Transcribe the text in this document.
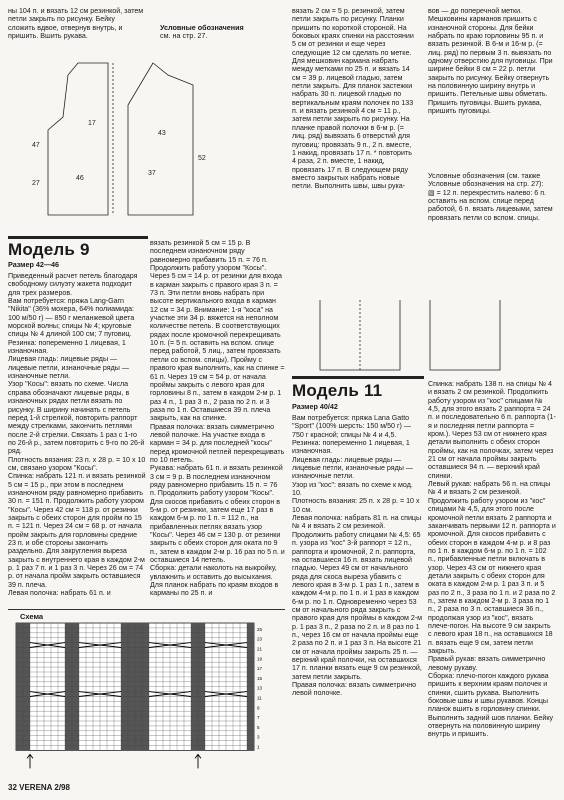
ны 104 п. и вязать 12 см резинкой, затем петли закрыть по рисунку. Бейку сложить вдвое, отвернув внутрь, и пришить. Вшить рукава.
Условные обозначения
см. на стр. 27.
47
27
52
46
37
17
43
вязать 2 см = 5 р. резинкой, затем петли закрыть по рисунку. Планки пришить по короткой стороной. На боковых краях спинки на расстоянии 5 см от резинки и еще через следующие 12 см сделать по метке. Для мешковин кармана набрать между метками по 25 п. и вязать 14 см = 39 р. лицевой гладью, затем петли закрыть. Для планок застежки набрать 30 п. лицевой гладью по вертикальным краям полочек по 133 п. и вязать резинкой 4 см = 11 р., затем петли закрыть по рисунку. На планке правой полочки в 6-м р. (= лиц. ряд) вывязать 6 отверстий для пуговиц: провязать 9 п., 2 п. вместе, 1 накид, провязать 17 п. * повторить 4 раза, 2 п. вместе, 1 накид, провязать 17 п. В следующем ряду вместо закрытых набрать новые петли. Выполнить швы, швы рука-
вов — до поперечной метки. Мешковины карманов пришить с изнаночной стороны. Для бейки набрать по краю горловины 95 п. и вязать резинкой. В 6-м и 16-м р. (= лиц. ряд) по первым 3 п. вывязать по одному отверстию для пуговицы. При ширине бейки 8 см = 22 р. петли закрыть по рисунку. Бейку отвернуть на половинную ширину внутрь и пришить. Петельные швы обметать. Пришить пуговицы. Вшить рукава, пришить пуговицы.
Условные обозначения (см. также Условные обозначения на стр. 27):
▧ = 12 п. перекрестить налево: 6 п. оставить на вспом. спице перед работой, 6 п. вязать лицевыми, затем провязать петли со вспом. спицы.
Модель 9
Размер 42—46
Приведенный расчет петель благодаря свободному силуэту жакета подходит для трех размеров.
Вам потребуется: пряжа Lang-Garn "Nikita" (36% мохера, 64% полиамида: 100 м/50 г) — 850 г меланжевой цвета морской волны; спицы № 4; круговые спицы № 4 длиной 100 см; 7 пуговиц.
Резинка: попеременно 1 лицевая, 1 изнаночная.
Лицевая гладь: лицевые ряды — лицевые петли, изнаночные ряды — изнаночные петли.
Узор "Косы": вязать по схеме. Числа справа обозначают лицевые ряды, в изнаночных рядах петли вязать по рисунку. В ширину начинать с петель перед 1-й стрелкой, повторить раппорт между стрелками, закончить петлями после 2-й стрелки. Связать 1 раз с 1-го по 26-й р., затем повторить с 9-го по 26-й ряд.
Плотность вязания: 23 п. х 28 р. = 10 х 10 см, связано узором "Косы".
Спинка: набрать 121 п. и вязать резинкой 5 см = 15 р., при этом в последнем изнаночном ряду равномерно прибавить 30 п. = 151 п. Продолжить работу узором "Косы". Через 42 см = 118 р. от резинки закрыть с обеих сторон для пройм по 15 п. = 121 п. Через 24 см = 68 р. от начала пройм закрыть для горловины средние 23 п. и обе стороны закончить раздельно. Для закругления выреза закрыть с внутреннего края в каждом 2-м р. 1 раз 7 п. и 1 раз 3 п. Через 26 см = 74 р. от начала пройм закрыть оставшиеся 39 п. плеча.
Левая полочка: набрать 61 п. и
вязать резинкой 5 см = 15 р. В последнем изнаночном ряду равномерно прибавить 15 п. = 76 п. Продолжить работу узором "Косы". Через 5 см = 14 р. от резинки для входа в карман закрыть с правого края 3 п. = 73 п. Эти петли вновь набрать при высоте вертикального входа в карман 12 см = 34 р. Внимание: 1-я "коса" на участке эти 34 р. вяжется на неполном количестве петель. В соответствующих рядах после кромочной перекрещивать 10 п. (= 5 п. оставить на вспом. спице перед работой, 5 лиц., затем провязать петли со вспом. спицы). Пройму с правого края выполнить, как на спинке = 61 п. Через 19 см = 54 р. от начала проймы закрыть с левого края для горловины 8 п., затем в каждом 2-м р. 1 раз 4 п., 1 раз 3 п., 2 раза по 2 п. и 3 раза по 1 п. Оставшиеся 39 п. плеча закрыть, как на спинке.
Правая полочка: вязать симметрично левой полочке. На участке входа в карман = 34 р. для последней "косы" перед кромочной петлей перекрещивать по 10 петель.
Рукава: набрать 61 п. и вязать резинкой 3 см = 9 р. В последнем изнаночном ряду равномерно прибавить 15 п. = 76 п. Продолжить работу узором "Косы". Для скосов прибавить с обеих сторон в 5-м р. от резинки, затем еще 17 раз в каждом 6-м р. по 1 п. = 112 п., на прибавленных петлях вязать узор "Косы". Через 46 см = 130 р. от резинки закрыть с обеих сторон для оката по 9 п., затем в каждом 2-м р. 16 раз по 5 п. и оставшиеся 14 петель.
Сборка: детали наколоть на выкройку, увлажнить и оставить до высыхания. Для планок набрать по краям входов в карманы по 25 п. и
Модель 11
Размер 40/42
Вам потребуется: пряжа Lana Gatto "Sport" (100% шерсть: 150 м/50 г) — 750 г красной; спицы № 4 и 4,5.
Резинка: попеременно 1 лицевая, 1 изнаночная.
Лицевая гладь: лицевые ряды — лицевые петли, изнаночные ряды — изнаночные петли.
Узор из "кос": вязать по схеме к мод. 10.
Плотность вязания: 25 п. х 28 р. = 10 х 10 см.
Левая полочка: набрать 81 п. на спицы № 4 и вязать 2 см резинкой. Продолжить работу спицами № 4,5: 65 п. узора из "кос" 3-й раппорт = 12 п., раппорта и кромочной, 2 п. раппорта, на оставшиеся 16 п. вязать лицевой гладью. Через 49 см от начального ряда для скоса выреза убавить с левого края в 3-м р. 1 раз 1 п., затем в каждом 4-м р. по 1 п. и 1 раз в каждом 6-м р. по 1 п. Одновременно через 53 см от начального ряда закрыть с правого края для проймы в каждом 2-м р. 1 раз 3 п., 2 раза по 2 п. и 8 раз по 1 п., через 16 см от начала проймы еще 2 раза по 2 п. и 1 раз 3 п. На высоте 21 см от начала проймы закрыть 25 п. — верхний край полочки, на оставшихся 17 п. планки вязать еще 9 см резинкой, затем петли закрыть.
Правая полочка: вязать симметрично левой полочке.
Спинка: набрать 138 п. на спицы № 4 и вязать 2 см резинкой. Продолжить работу узором из "кос" спицами № 4,5, для этого вязать 2 раппорта = 24 п. и последовательно 6 п. раппорта (1-я и последняя петли раппорта = кром.). Через 53 см от нижнего края детали выполнить с обеих сторон проймы, как на полочках, затем через 21 см от начала проймы закрыть оставшиеся 94 п. — верхний край спинки.
Левый рукав: набрать 56 п. на спицы № 4 и вязать 2 см резинкой. Продолжить работу узором из "кос" спицами № 4,5, для этого после кромочной петли вязать 2 раппорта и заканчивать первыми 12 п. раппорта и кромочной. Для скосов прибавить с обеих сторон в каждом 4-м р. и 8 раз по 1 п. в каждом 6-м р. по 1 п. = 102 п., прибавленные петли включать в узор. Через 43 см от нижнего края детали закрыть с обеих сторон для оката в каждом 2-м р. 1 раз 3 п. и 5 раз по 2 п., 3 раза по 1 п. и 2 раза по 2 п., затем в каждом 2-м р. 3 раза по 1 п., 2 раза по 3 п. оставшиеся 36 п., продолжая узор из "кос", вязать плече-погон. На высоте 9 см закрыть с левого края 18 п., на оставшихся 18 п. вязать еще 9 см, затем петли закрыть.
Правый рукав: вязать симметрично левому рукаву.
Сборка: плечо-погон каждого рукава пришить к верхним краям полочек и спинки, сшить рукава. Выполнить боковые швы и швы рукавов. Концы планок вшить в горловину спинки. Выполнить задний шов планки. Бейку отвернуть на половинную ширину внутрь и пришить.
Схема
25
23
21
19
17
15
13
11
9
7
5
3
1
32 VERENA 2/98
